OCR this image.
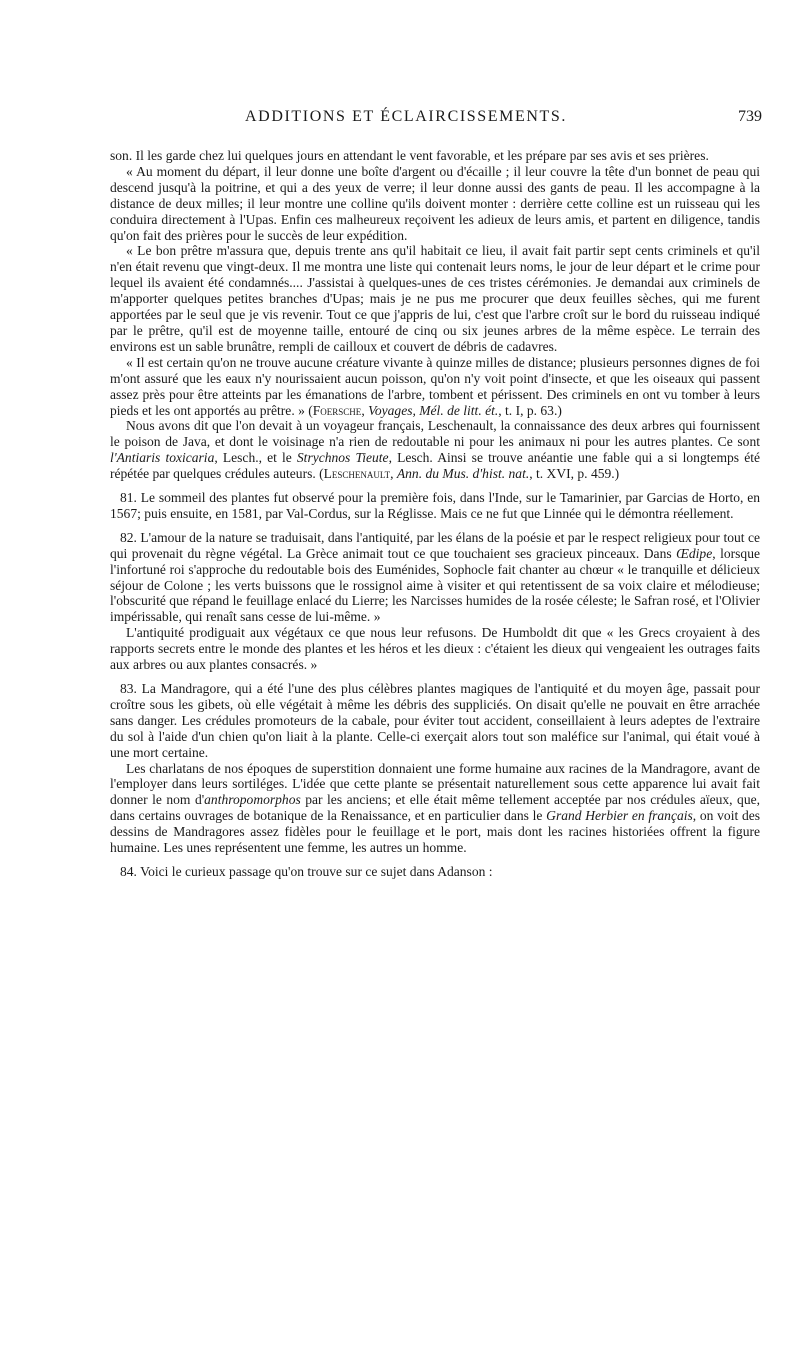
ADDITIONS ET ÉCLAIRCISSEMENTS.	739

son. Il les garde chez lui quelques jours en attendant le vent favorable, et les prépare par ses avis et ses prières.

« Au moment du départ, il leur donne une boîte d'argent ou d'écaille ; il leur couvre la tête d'un bonnet de peau qui descend jusqu'à la poitrine, et qui a des yeux de verre; il leur donne aussi des gants de peau. Il les accompagne à la distance de deux milles; il leur montre une colline qu'ils doivent monter : derrière cette colline est un ruisseau qui les conduira directement à l'Upas. Enfin ces malheureux reçoivent les adieux de leurs amis, et partent en diligence, tandis qu'on fait des prières pour le succès de leur expédition.

« Le bon prêtre m'assura que, depuis trente ans qu'il habitait ce lieu, il avait fait partir sept cents criminels et qu'il n'en était revenu que vingt-deux. Il me montra une liste qui contenait leurs noms, le jour de leur départ et le crime pour lequel ils avaient été condamnés.... J'assistai à quelques-unes de ces tristes cérémonies. Je demandai aux criminels de m'apporter quelques petites branches d'Upas; mais je ne pus me procurer que deux feuilles sèches, qui me furent apportées par le seul que je vis revenir. Tout ce que j'appris de lui, c'est que l'arbre croît sur le bord du ruisseau indiqué par le prêtre, qu'il est de moyenne taille, entouré de cinq ou six jeunes arbres de la même espèce. Le terrain des environs est un sable brunâtre, rempli de cailloux et couvert de débris de cadavres.

« Il est certain qu'on ne trouve aucune créature vivante à quinze milles de distance; plusieurs personnes dignes de foi m'ont assuré que les eaux n'y nourissaient aucun poisson, qu'on n'y voit point d'insecte, et que les oiseaux qui passent assez près pour être atteints par les émanations de l'arbre, tombent et périssent. Des criminels en ont vu tomber à leurs pieds et les ont apportés au prêtre. » (Foersche, Voyages, Mél. de litt. ét., t. I, p. 63.)

Nous avons dit que l'on devait à un voyageur français, Leschenault, la connaissance des deux arbres qui fournissent le poison de Java, et dont le voisinage n'a rien de redoutable ni pour les animaux ni pour les autres plantes. Ce sont l'Antiaris toxicaria, Lesch., et le Strychnos Tieute, Lesch. Ainsi se trouve anéantie une fable qui a si longtemps été répétée par quelques crédules auteurs. (Leschenault, Ann. du Mus. d'hist. nat., t. XVI, p. 459.)

81. Le sommeil des plantes fut observé pour la première fois, dans l'Inde, sur le Tamarinier, par Garcias de Horto, en 1567; puis ensuite, en 1581, par Val-Cordus, sur la Réglisse. Mais ce ne fut que Linnée qui le démontra réellement.

82. L'amour de la nature se traduisait, dans l'antiquité, par les élans de la poésie et par le respect religieux pour tout ce qui provenait du règne végétal. La Grèce animait tout ce que touchaient ses gracieux pinceaux. Dans Œdipe, lorsque l'infortuné roi s'approche du redoutable bois des Euménides, Sophocle fait chanter au chœur « le tranquille et délicieux séjour de Colone ; les verts buissons que le rossignol aime à visiter et qui retentissent de sa voix claire et mélodieuse; l'obscurité que répand le feuillage enlacé du Lierre; les Narcisses humides de la rosée céleste; le Safran rosé, et l'Olivier impérissable, qui renaît sans cesse de lui-même. »

L'antiquité prodiguait aux végétaux ce que nous leur refusons. De Humboldt dit que « les Grecs croyaient à des rapports secrets entre le monde des plantes et les héros et les dieux : c'étaient les dieux qui vengeaient les outrages faits aux arbres ou aux plantes consacrés. »

83. La Mandragore, qui a été l'une des plus célèbres plantes magiques de l'antiquité et du moyen âge, passait pour croître sous les gibets, où elle végétait à même les débris des suppliciés. On disait qu'elle ne pouvait en être arrachée sans danger. Les crédules promoteurs de la cabale, pour éviter tout accident, conseillaient à leurs adeptes de l'extraire du sol à l'aide d'un chien qu'on liait à la plante. Celle-ci exerçait alors tout son maléfice sur l'animal, qui était voué à une mort certaine.

Les charlatans de nos époques de superstition donnaient une forme humaine aux racines de la Mandragore, avant de l'employer dans leurs sortiléges. L'idée que cette plante se présentait naturellement sous cette apparence lui avait fait donner le nom d'anthropomorphos par les anciens; et elle était même tellement acceptée par nos crédules aïeux, que, dans certains ouvrages de botanique de la Renaissance, et en particulier dans le Grand Herbier en français, on voit des dessins de Mandragores assez fidèles pour le feuillage et le port, mais dont les racines historiées offrent la figure humaine. Les unes représentent une femme, les autres un homme.

84. Voici le curieux passage qu'on trouve sur ce sujet dans Adanson :
